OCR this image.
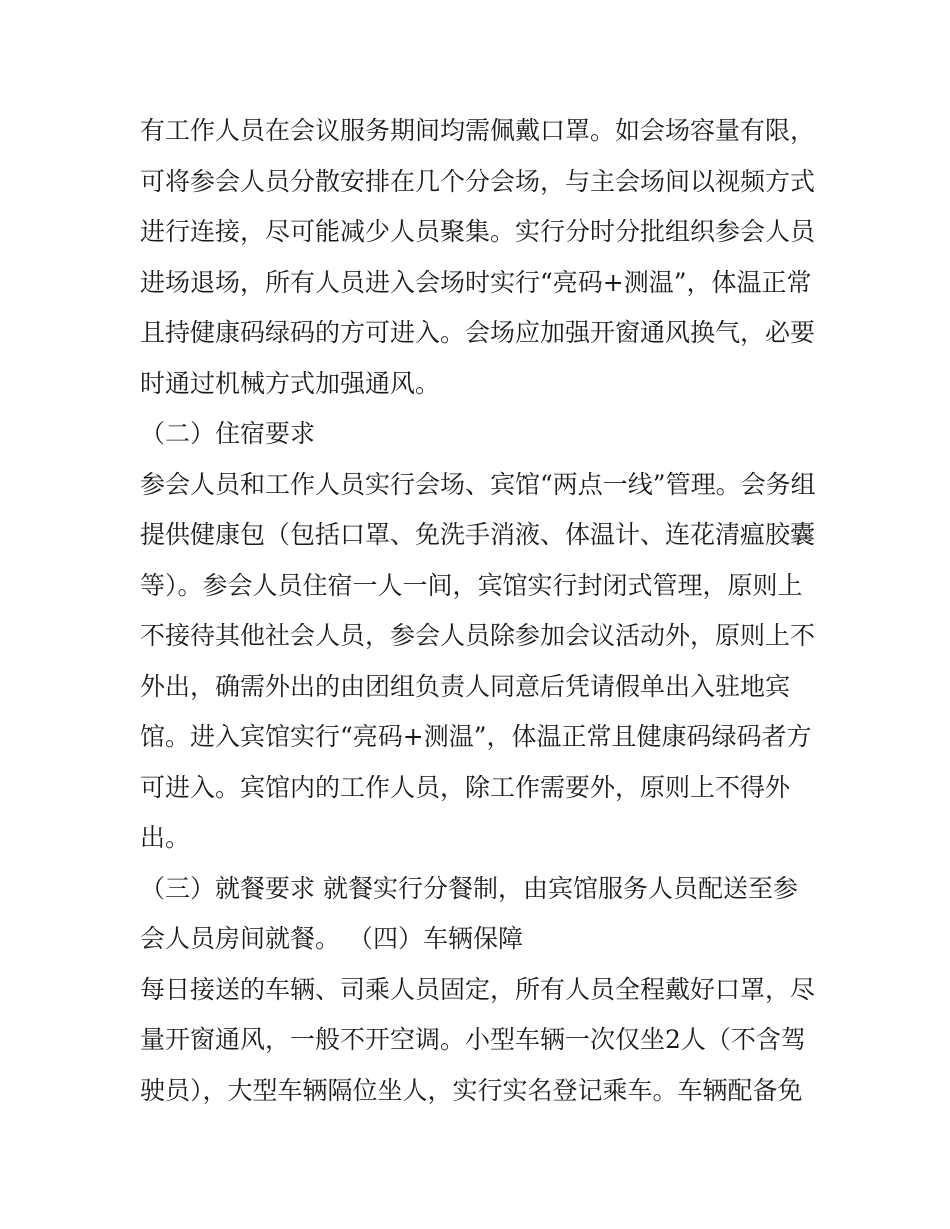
有工作人员在会议服务期间均需佩戴口罩。如会场容量有限，
可将参会人员分散安排在几个分会场，与主会场间以视频方式
进行连接，尽可能减少人员聚集。实行分时分批组织参会人员
进场退场，所有人员进入会场时实行“亮码+测温”，体温正常
且持健康码绿码的方可进入。会场应加强开窗通风换气，必要
时通过机械方式加强通风。
（二）住宿要求
参会人员和工作人员实行会场、宾馆“两点一线”管理。会务组
提供健康包（包括口罩、免洗手消液、体温计、连花清瘟胶囊
等）。参会人员住宿一人一间，宾馆实行封闭式管理，原则上
不接待其他社会人员，参会人员除参加会议活动外，原则上不
外出，确需外出的由团组负责人同意后凭请假单出入驻地宾
馆。进入宾馆实行“亮码+测温”，体温正常且健康码绿码者方
可进入。宾馆内的工作人员，除工作需要外，原则上不得外
出。
（三）就餐要求 就餐实行分餐制，由宾馆服务人员配送至参
会人员房间就餐。 （四）车辆保障
每日接送的车辆、司乘人员固定，所有人员全程戴好口罩，尽
量开窗通风，一般不开空调。小型车辆一次仅坐2人（不含驾
驶员），大型车辆隔位坐人，实行实名登记乘车。车辆配备免
